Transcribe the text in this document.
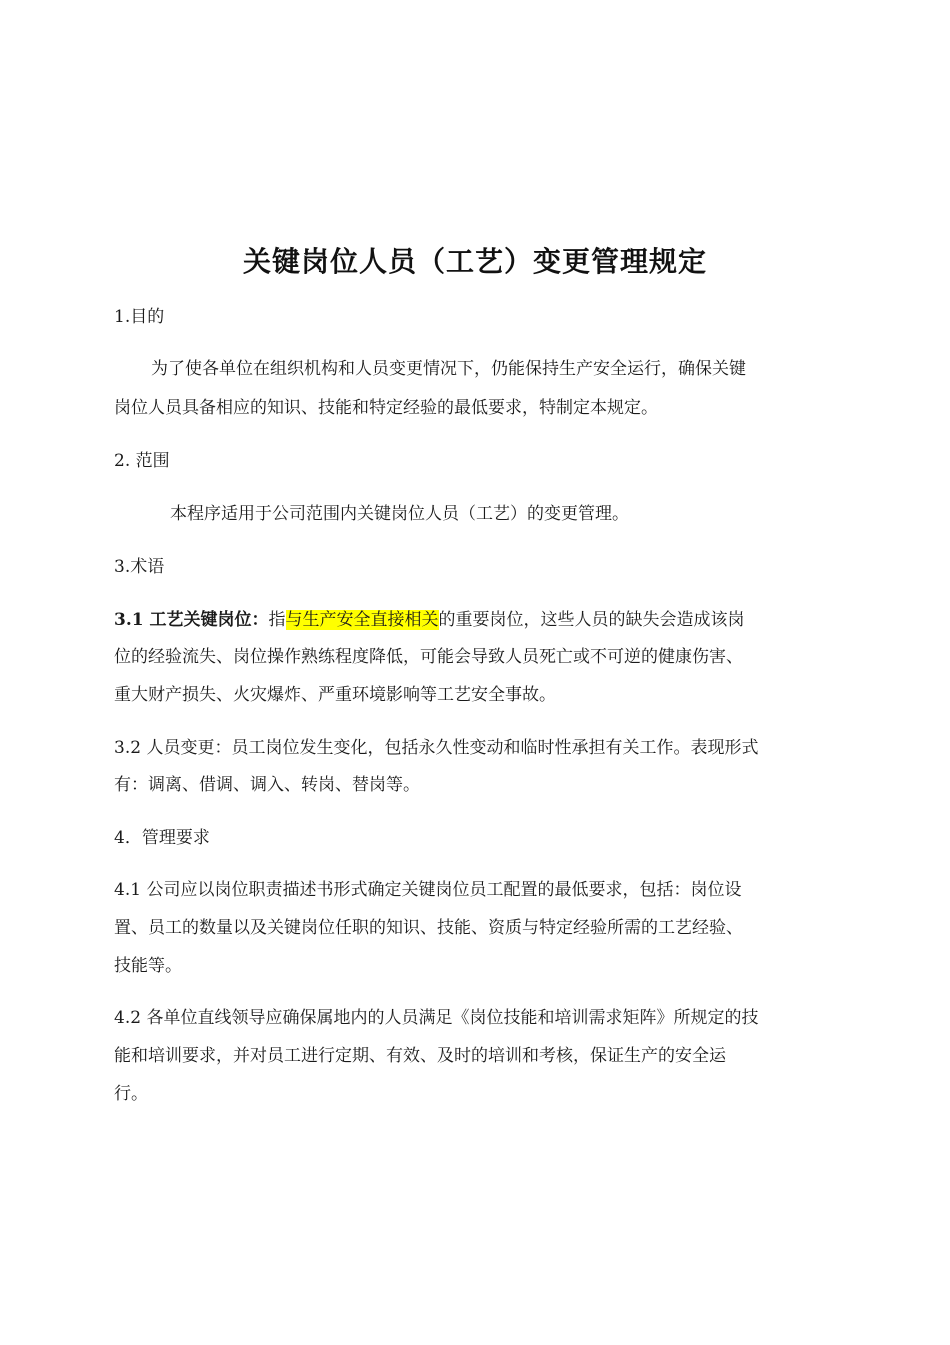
关键岗位人员（工艺）变更管理规定

1.目的

为了使各单位在组织机构和人员变更情况下，仍能保持生产安全运行，确保关键

岗位人员具备相应的知识、技能和特定经验的最低要求，特制定本规定。

2. 范围

本程序适用于公司范围内关键岗位人员（工艺）的变更管理。

3.术语

3.1 工艺关键岗位：指与生产安全直接相关的重要岗位，这些人员的缺失会造成该岗

位的经验流失、岗位操作熟练程度降低，可能会导致人员死亡或不可逆的健康伤害、

重大财产损失、火灾爆炸、严重环境影响等工艺安全事故。

3.2 人员变更：员工岗位发生变化，包括永久性变动和临时性承担有关工作。表现形式

有：调离、借调、调入、转岗、替岗等。

4．管理要求

4.1 公司应以岗位职责描述书形式确定关键岗位员工配置的最低要求，包括：岗位设

置、员工的数量以及关键岗位任职的知识、技能、资质与特定经验所需的工艺经验、

技能等。

4.2 各单位直线领导应确保属地内的人员满足《岗位技能和培训需求矩阵》所规定的技

能和培训要求，并对员工进行定期、有效、及时的培训和考核，保证生产的安全运

行。
